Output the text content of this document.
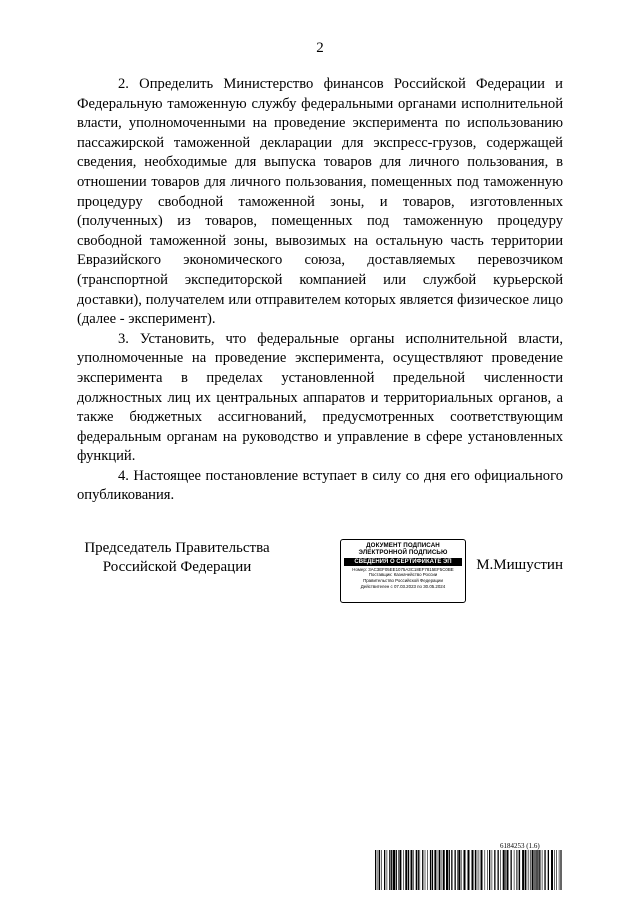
2

2. Определить Министерство финансов Российской Федерации и Федеральную таможенную службу федеральными органами исполнительной власти, уполномоченными на проведение эксперимента по использованию пассажирской таможенной декларации для экспресс-грузов, содержащей сведения, необходимые для выпуска товаров для личного пользования, в отношении товаров для личного пользования, помещенных под таможенную процедуру свободной таможенной зоны, и товаров, изготовленных (полученных) из товаров, помещенных под таможенную процедуру свободной таможенной зоны, вывозимых на остальную часть территории Евразийского экономического союза, доставляемых перевозчиком (транспортной экспедиторской компанией или службой курьерской доставки), получателем или отправителем которых является физическое лицо (далее - эксперимент).

3. Установить, что федеральные органы исполнительной власти, уполномоченные на проведение эксперимента, осуществляют проведение эксперимента в пределах установленной предельной численности должностных лиц их центральных аппаратов и территориальных органов, а также бюджетных ассигнований, предусмотренных соответствующим федеральным органам на руководство и управление в сфере установленных функций.

4. Настоящее постановление вступает в силу со дня его официального опубликования.

Председатель Правительства
Российской Федерации
ДОКУМЕНТ ПОДПИСАН
ЭЛЕКТРОННОЙ ПОДПИСЬЮ
СВЕДЕНИЯ О СЕРТИФИКАТЕ ЭП
Номер: 3AC3EF05EE1075A3C18EF7815EF5C0BE
Поставщик: Казначейство России
Правительство Российской Федерации
Действителен с 07.03.2023 по 30.05.2024
М.Мишустин
6184253 (1.6)
